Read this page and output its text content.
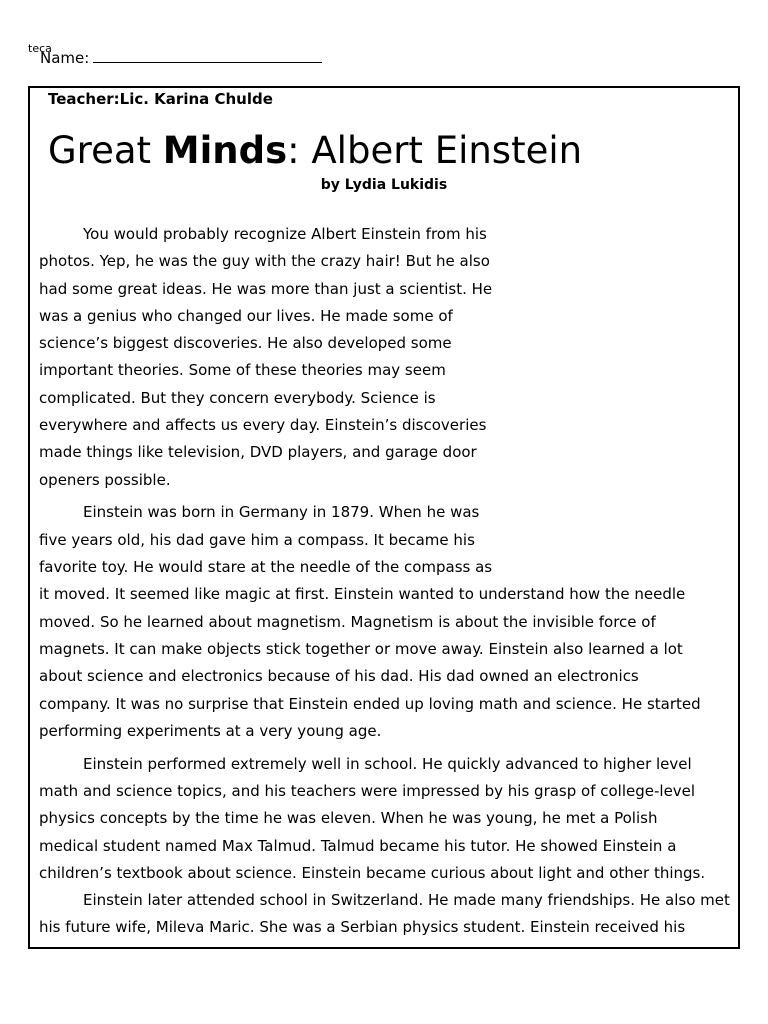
teca
Name:
Teacher:Lic. Karina Chulde
Great Minds: Albert Einstein
by Lydia Lukidis
You would probably recognize Albert Einstein from his
photos. Yep, he was the guy with the crazy hair! But he also
had some great ideas. He was more than just a scientist. He
was a genius who changed our lives. He made some of
science’s biggest discoveries. He also developed some
important theories. Some of these theories may seem
complicated. But they concern everybody. Science is
everywhere and affects us every day. Einstein’s discoveries
made things like television, DVD players, and garage door
openers possible.
Einstein was born in Germany in 1879. When he was
five years old, his dad gave him a compass. It became his
favorite toy. He would stare at the needle of the compass as
it moved. It seemed like magic at first. Einstein wanted to understand how the needle
moved. So he learned about magnetism. Magnetism is about the invisible force of
magnets. It can make objects stick together or move away. Einstein also learned a lot
about science and electronics because of his dad. His dad owned an electronics
company. It was no surprise that Einstein ended up loving math and science. He started
performing experiments at a very young age.
Einstein performed extremely well in school. He quickly advanced to higher level
math and science topics, and his teachers were impressed by his grasp of college-level
physics concepts by the time he was eleven. When he was young, he met a Polish
medical student named Max Talmud. Talmud became his tutor. He showed Einstein a
children’s textbook about science. Einstein became curious about light and other things.
Einstein later attended school in Switzerland. He made many friendships. He also met
his future wife, Mileva Maric. She was a Serbian physics student. Einstein received his
